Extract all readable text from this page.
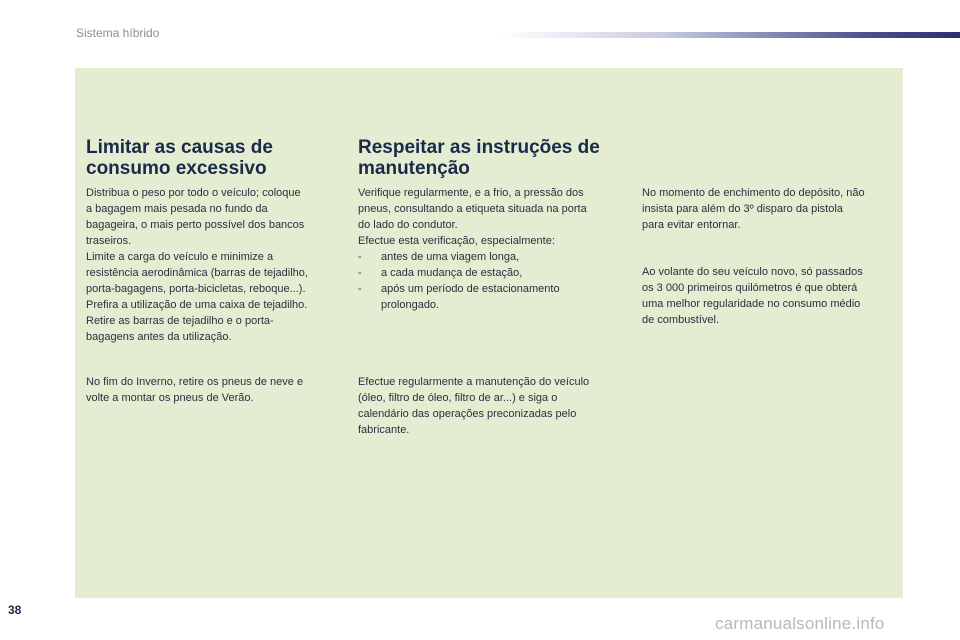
Sistema híbrido
Limitar as causas de
consumo excessivo
Distribua o peso por todo o veículo; coloque
a bagagem mais pesada no fundo da
bagageira, o mais perto possível dos bancos
traseiros.
Limite a carga do veículo e minimize a
resistência aerodinâmica (barras de tejadilho,
porta-bagagens, porta-bicicletas, reboque...).
Prefira a utilização de uma caixa de tejadilho.
Retire as barras de tejadilho e o porta-
bagagens antes da utilização.
No fim do Inverno, retire os pneus de neve e
volte a montar os pneus de Verão.
Respeitar as instruções de
manutenção
Verifique regularmente, e a frio, a pressão dos
pneus, consultando a etiqueta situada na porta
do lado do condutor.
Efectue esta verificação, especialmente:
- antes de uma viagem longa,
- a cada mudança de estação,
- após um período de estacionamento
prolongado.
Efectue regularmente a manutenção do veículo
(óleo, filtro de óleo, filtro de ar...) e siga o
calendário das operações preconizadas pelo
fabricante.
No momento de enchimento do depósito, não
insista para além do 3º disparo da pistola
para evitar entornar.
Ao volante do seu veículo novo, só passados
os 3 000 primeiros quilómetros é que obterá
uma melhor regularidade no consumo médio
de combustível.
38
carmanualsonline.info
